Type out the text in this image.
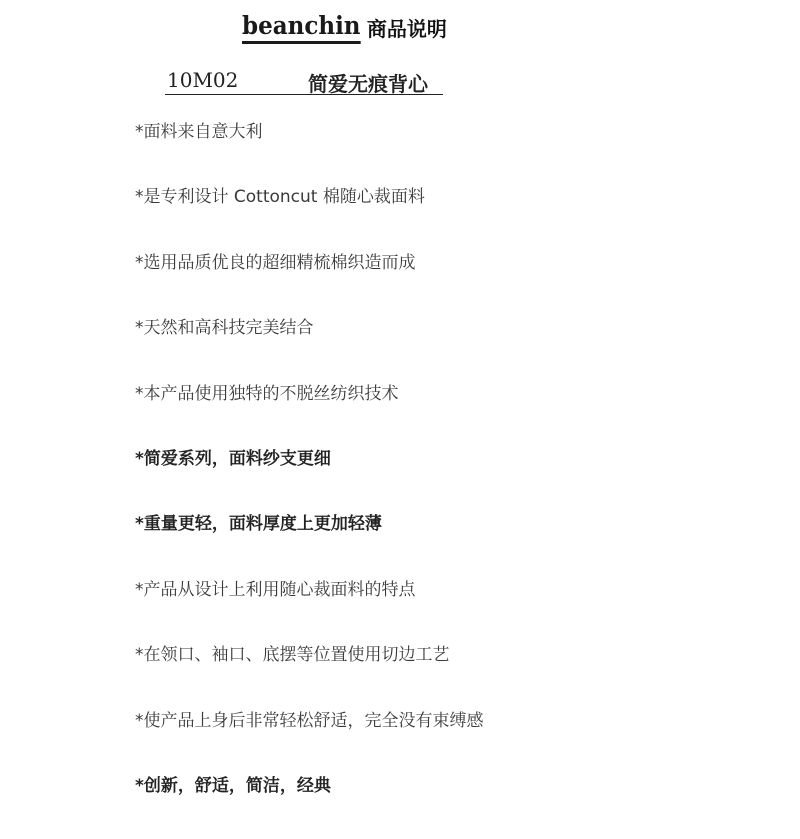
beanchin 商品说明
10M02	简爱无痕背心
*面料来自意大利
*是专利设计 Cottoncut 棉随心裁面料
*选用品质优良的超细精梳棉织造而成
*天然和高科技完美结合
*本产品使用独特的不脱丝纺织技术
*简爱系列，面料纱支更细
*重量更轻，面料厚度上更加轻薄
*产品从设计上利用随心裁面料的特点
*在领口、袖口、底摆等位置使用切边工艺
*使产品上身后非常轻松舒适，完全没有束缚感
*创新，舒适，简洁，经典
